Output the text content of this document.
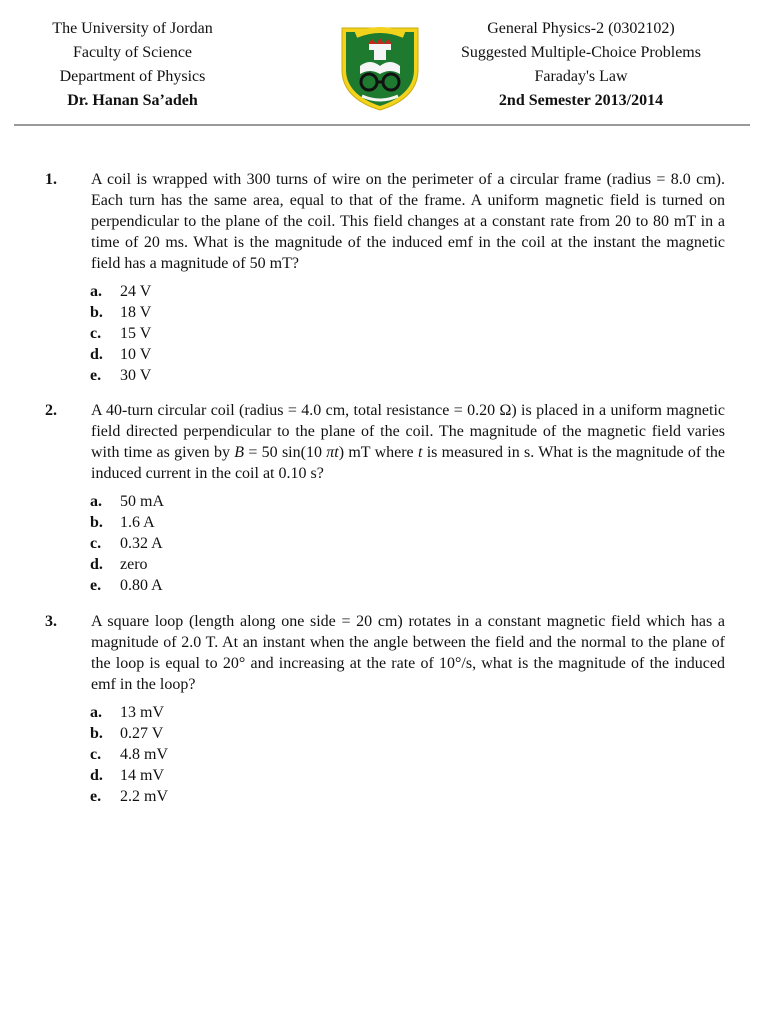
The University of Jordan
Faculty of Science
Department of Physics
Dr. Hanan Sa’adeh
General Physics-2 (0302102)
Suggested Multiple-Choice Problems
Faraday's Law
2nd Semester 2013/2014
1. A coil is wrapped with 300 turns of wire on the perimeter of a circular frame (radius = 8.0 cm). Each turn has the same area, equal to that of the frame. A uniform magnetic field is turned on perpendicular to the plane of the coil. This field changes at a constant rate from 20 to 80 mT in a time of 20 ms. What is the magnitude of the induced emf in the coil at the instant the magnetic field has a magnitude of 50 mT?
a.	24 V
b.	18 V
c.	15 V
d.	10 V
e.	30 V
2. A 40-turn circular coil (radius = 4.0 cm, total resistance = 0.20 Ω) is placed in a uniform magnetic field directed perpendicular to the plane of the coil. The magnitude of the magnetic field varies with time as given by B = 50 sin(10 πt) mT where t is measured in s. What is the magnitude of the induced current in the coil at 0.10 s?
a.	50 mA
b.	1.6 A
c.	0.32 A
d.	zero
e.	0.80 A
3. A square loop (length along one side = 20 cm) rotates in a constant magnetic field which has a magnitude of 2.0 T. At an instant when the angle between the field and the normal to the plane of the loop is equal to 20° and increasing at the rate of 10°/s, what is the magnitude of the induced emf in the loop?
a.	13 mV
b.	0.27 V
c.	4.8 mV
d.	14 mV
e.	2.2 mV
